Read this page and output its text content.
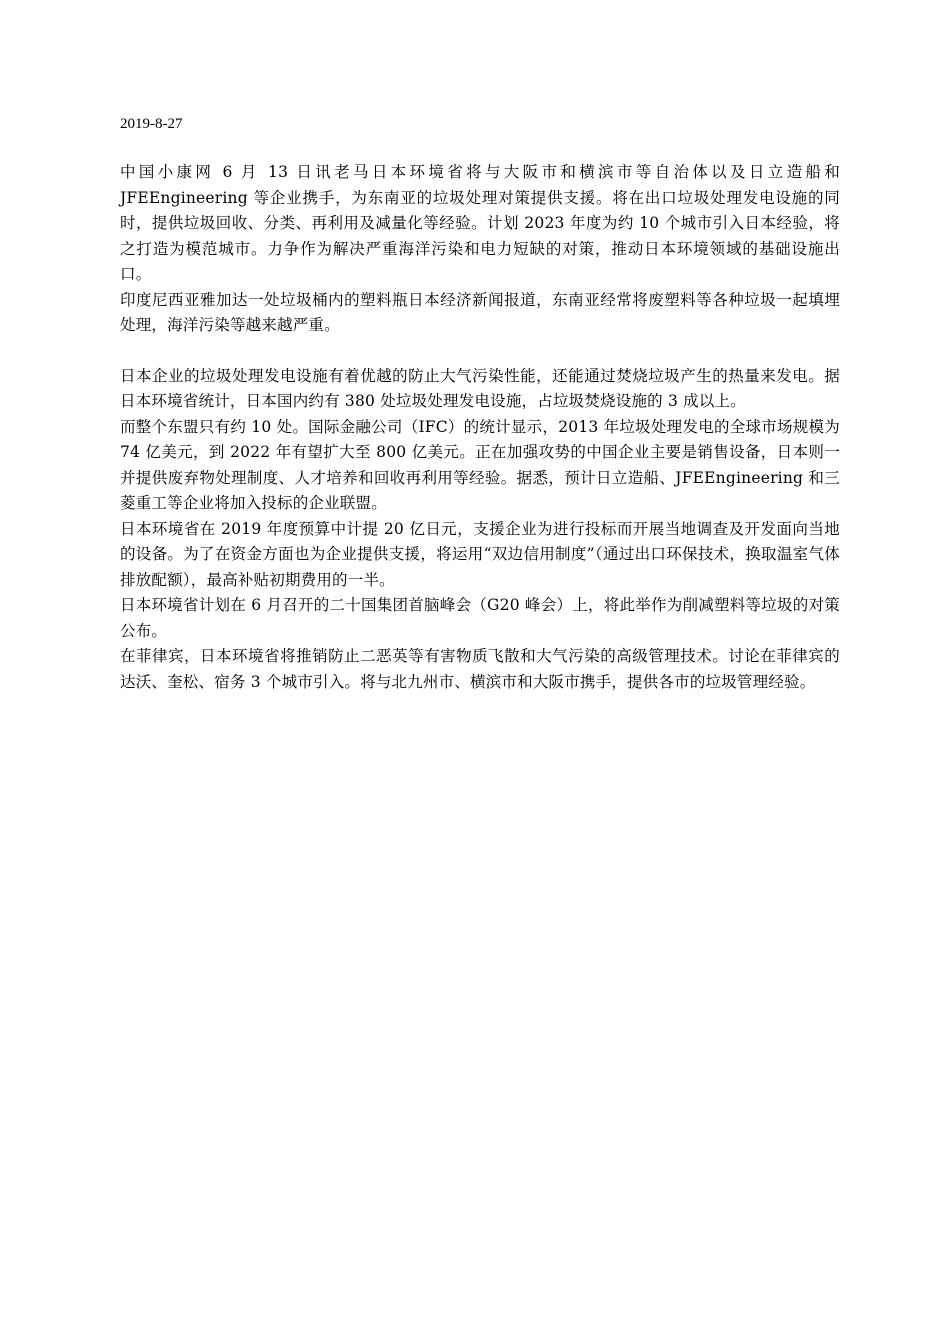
2019-8-27

中国小康网 6 月 13 日讯老马日本环境省将与大阪市和横滨市等自治体以及日立造船和 JFEEngineering 等企业携手，为东南亚的垃圾处理对策提供支援。将在出口垃圾处理发电设施的同时，提供垃圾回收、分类、再利用及减量化等经验。计划 2023 年度为约 10 个城市引入日本经验，将之打造为模范城市。力争作为解决严重海洋污染和电力短缺的对策，推动日本环境领域的基础设施出口。

印度尼西亚雅加达一处垃圾桶内的塑料瓶日本经济新闻报道，东南亚经常将废塑料等各种垃圾一起填埋处理，海洋污染等越来越严重。

日本企业的垃圾处理发电设施有着优越的防止大气污染性能，还能通过焚烧垃圾产生的热量来发电。据日本环境省统计，日本国内约有 380 处垃圾处理发电设施，占垃圾焚烧设施的 3 成以上。

而整个东盟只有约 10 处。国际金融公司（IFC）的统计显示，2013 年垃圾处理发电的全球市场规模为 74 亿美元，到 2022 年有望扩大至 800 亿美元。正在加强攻势的中国企业主要是销售设备，日本则一并提供废弃物处理制度、人才培养和回收再利用等经验。据悉，预计日立造船、JFEEngineering 和三菱重工等企业将加入投标的企业联盟。

日本环境省在 2019 年度预算中计提 20 亿日元，支援企业为进行投标而开展当地调查及开发面向当地的设备。为了在资金方面也为企业提供支援，将运用“双边信用制度”（通过出口环保技术，换取温室气体排放配额），最高补贴初期费用的一半。

日本环境省计划在 6 月召开的二十国集团首脑峰会（G20 峰会）上，将此举作为削减塑料等垃圾的对策公布。

在菲律宾，日本环境省将推销防止二恶英等有害物质飞散和大气污染的高级管理技术。讨论在菲律宾的达沃、奎松、宿务 3 个城市引入。将与北九州市、横滨市和大阪市携手，提供各市的垃圾管理经验。
